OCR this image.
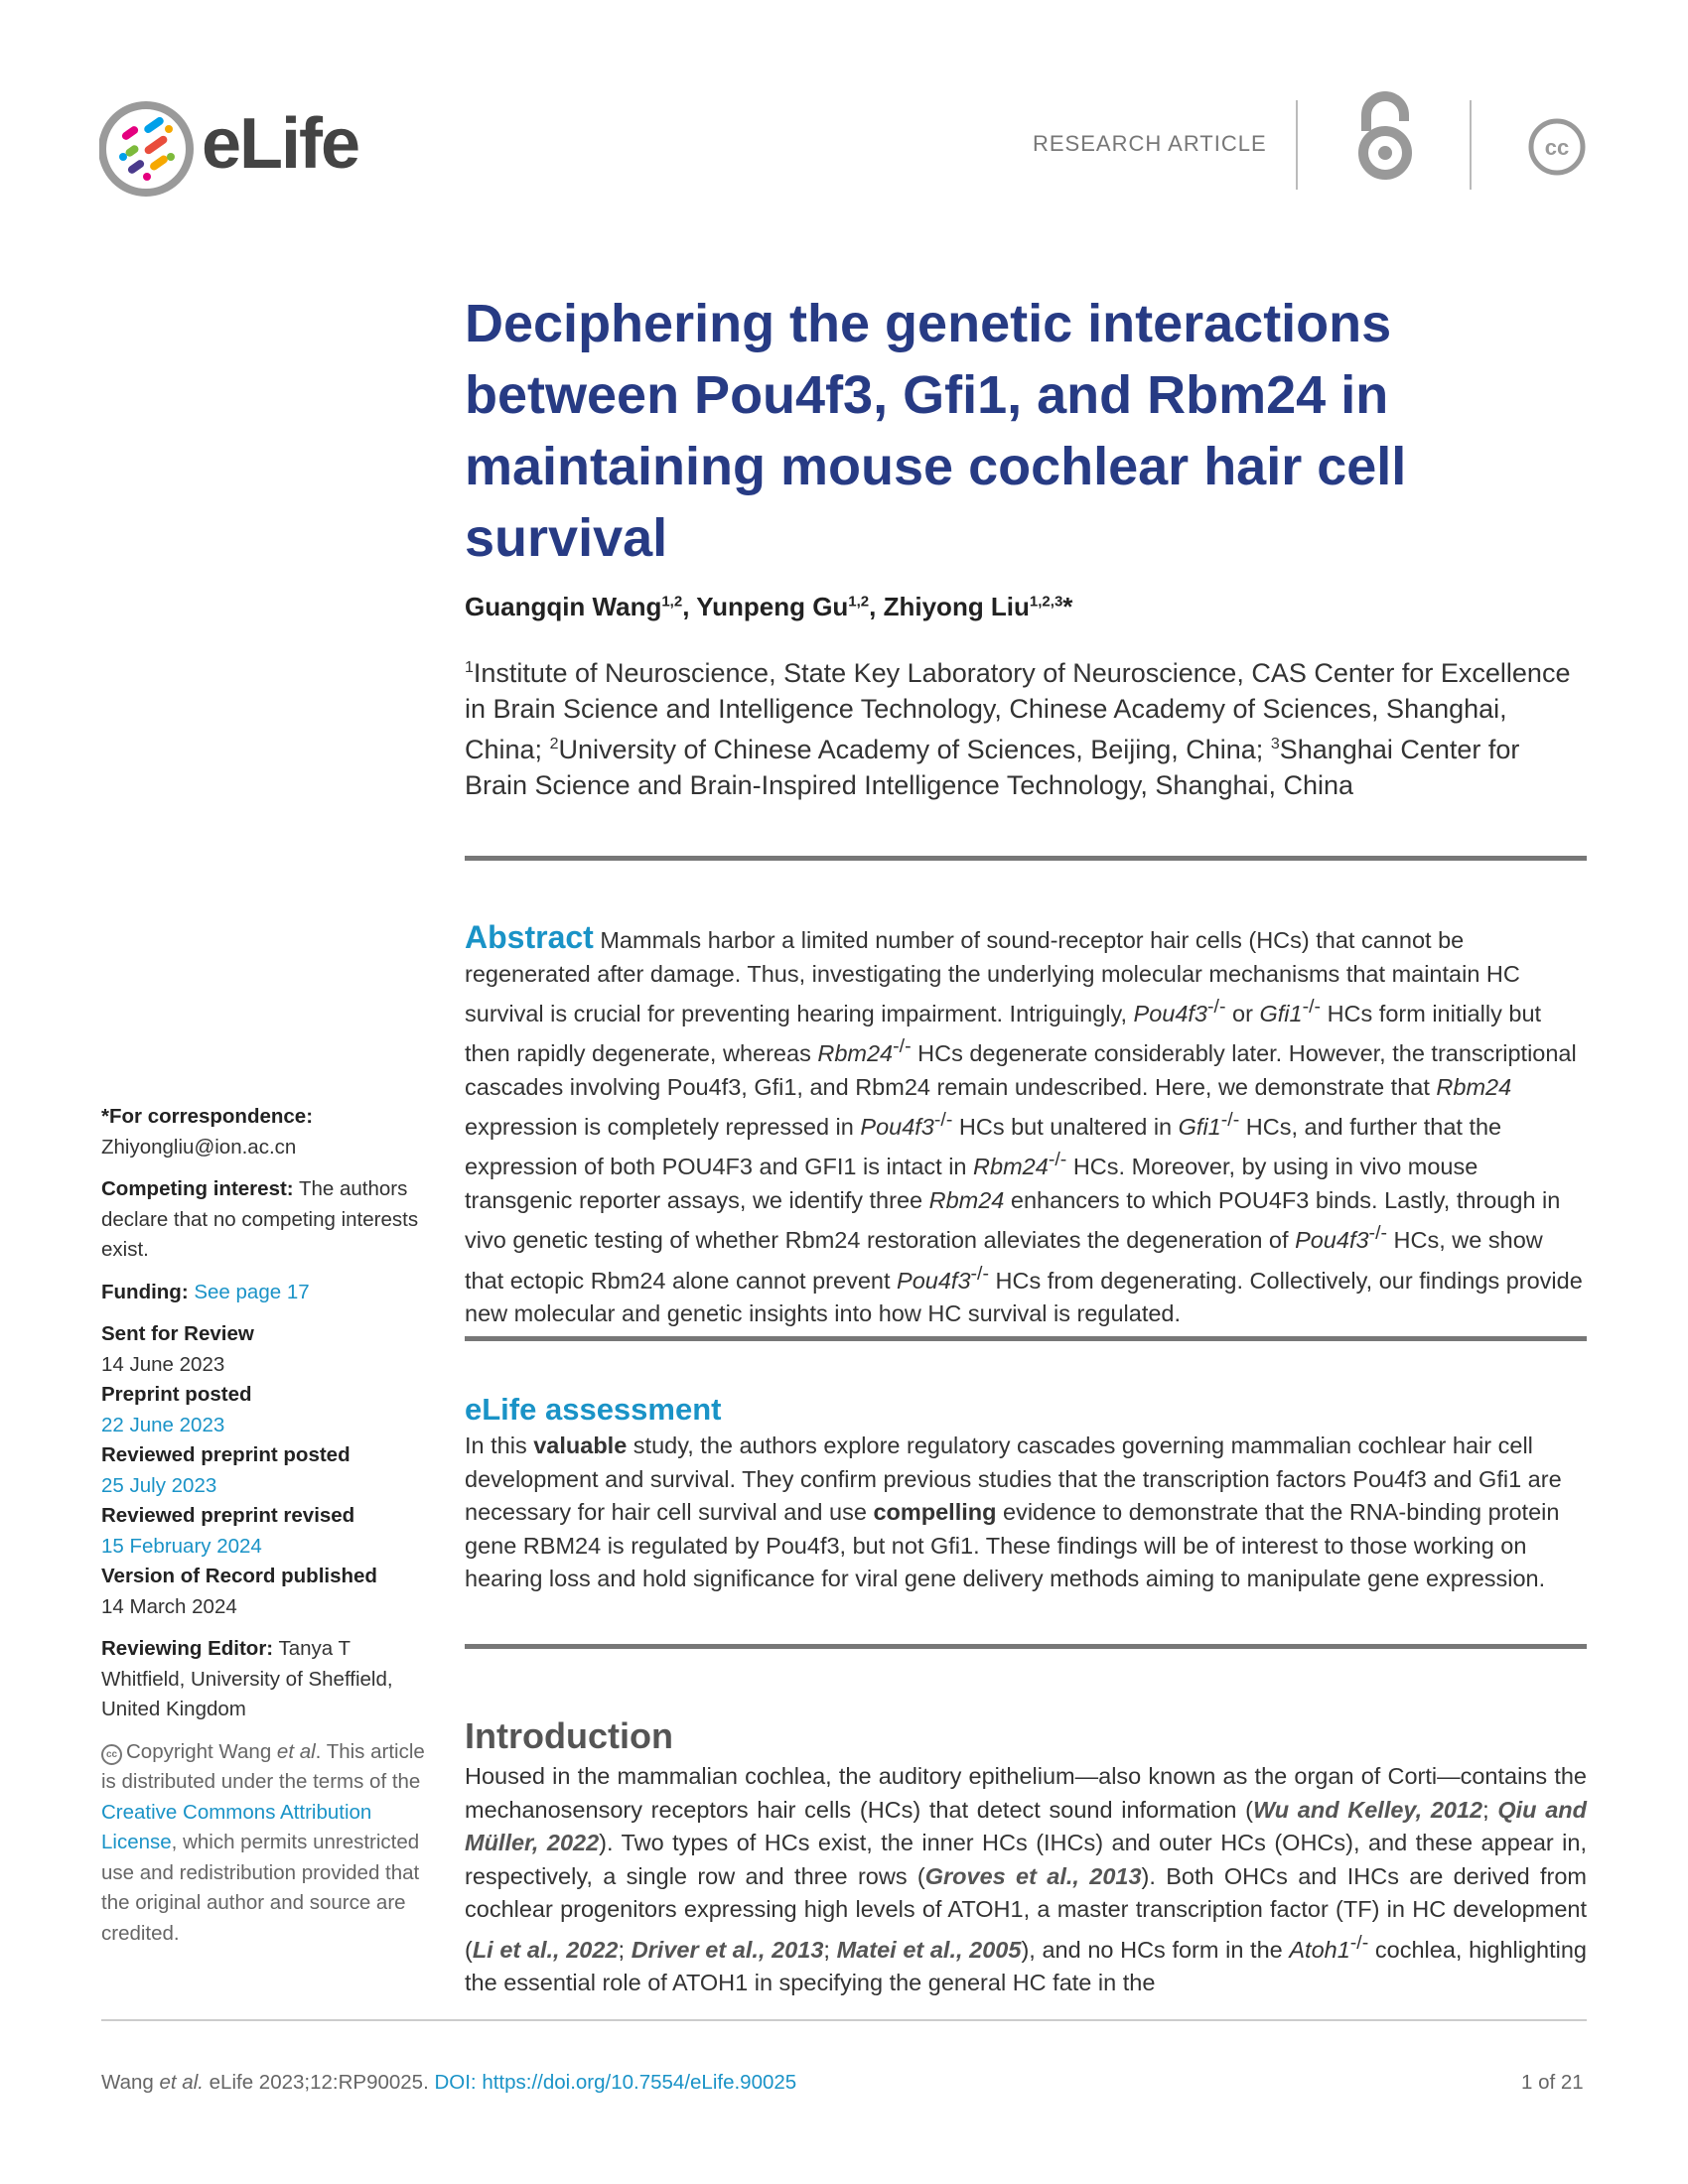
eLife	RESEARCH ARTICLE	cc
Deciphering the genetic interactions between Pou4f3, Gfi1, and Rbm24 in maintaining mouse cochlear hair cell survival
Guangqin Wang$^{1,2}$, Yunpeng Gu$^{1,2}$, Zhiyong Liu$^{1,2,3}$*
$^1$Institute of Neuroscience, State Key Laboratory of Neuroscience, CAS Center for Excellence in Brain Science and Intelligence Technology, Chinese Academy of Sciences, Shanghai, China; $^2$University of Chinese Academy of Sciences, Beijing, China; $^3$Shanghai Center for Brain Science and Brain-Inspired Intelligence Technology, Shanghai, China
Abstract Mammals harbor a limited number of sound-receptor hair cells (HCs) that cannot be regenerated after damage. Thus, investigating the underlying molecular mechanisms that maintain HC survival is crucial for preventing hearing impairment. Intriguingly, Pou4f3-/- or Gfi1-/- HCs form initially but then rapidly degenerate, whereas Rbm24-/- HCs degenerate considerably later. However, the transcriptional cascades involving Pou4f3, Gfi1, and Rbm24 remain undescribed. Here, we demonstrate that Rbm24 expression is completely repressed in Pou4f3-/- HCs but unaltered in Gfi1-/- HCs, and further that the expression of both POU4F3 and GFI1 is intact in Rbm24-/- HCs. Moreover, by using in vivo mouse transgenic reporter assays, we identify three Rbm24 enhancers to which POU4F3 binds. Lastly, through in vivo genetic testing of whether Rbm24 restoration alleviates the degeneration of Pou4f3-/- HCs, we show that ectopic Rbm24 alone cannot prevent Pou4f3-/- HCs from degenerating. Collectively, our findings provide new molecular and genetic insights into how HC survival is regulated.
eLife assessment
In this valuable study, the authors explore regulatory cascades governing mammalian cochlear hair cell development and survival. They confirm previous studies that the transcription factors Pou4f3 and Gfi1 are necessary for hair cell survival and use compelling evidence to demonstrate that the RNA-binding protein gene RBM24 is regulated by Pou4f3, but not Gfi1. These findings will be of interest to those working on hearing loss and hold significance for viral gene delivery methods aiming to manipulate gene expression.
Introduction
Housed in the mammalian cochlea, the auditory epithelium—also known as the organ of Corti—contains the mechanosensory receptors hair cells (HCs) that detect sound information (Wu and Kelley, 2012; Qiu and Müller, 2022). Two types of HCs exist, the inner HCs (IHCs) and outer HCs (OHCs), and these appear in, respectively, a single row and three rows (Groves et al., 2013). Both OHCs and IHCs are derived from cochlear progenitors expressing high levels of ATOH1, a master transcription factor (TF) in HC development (Li et al., 2022; Driver et al., 2013; Matei et al., 2005), and no HCs form in the Atoh1-/- cochlea, highlighting the essential role of ATOH1 in specifying the general HC fate in the
*For correspondence:
Zhiyongliu@ion.ac.cn
Competing interest: The authors declare that no competing interests exist.
Funding: See page 17
Sent for Review
14 June 2023
Preprint posted
22 June 2023
Reviewed preprint posted
25 July 2023
Reviewed preprint revised
15 February 2024
Version of Record published
14 March 2024
Reviewing Editor: Tanya T Whitfield, University of Sheffield, United Kingdom
cc Copyright Wang et al. This article is distributed under the terms of the Creative Commons Attribution License, which permits unrestricted use and redistribution provided that the original author and source are credited.
Wang et al. eLife 2023;12:RP90025. DOI: https://doi.org/10.7554/eLife.90025	1 of 21
